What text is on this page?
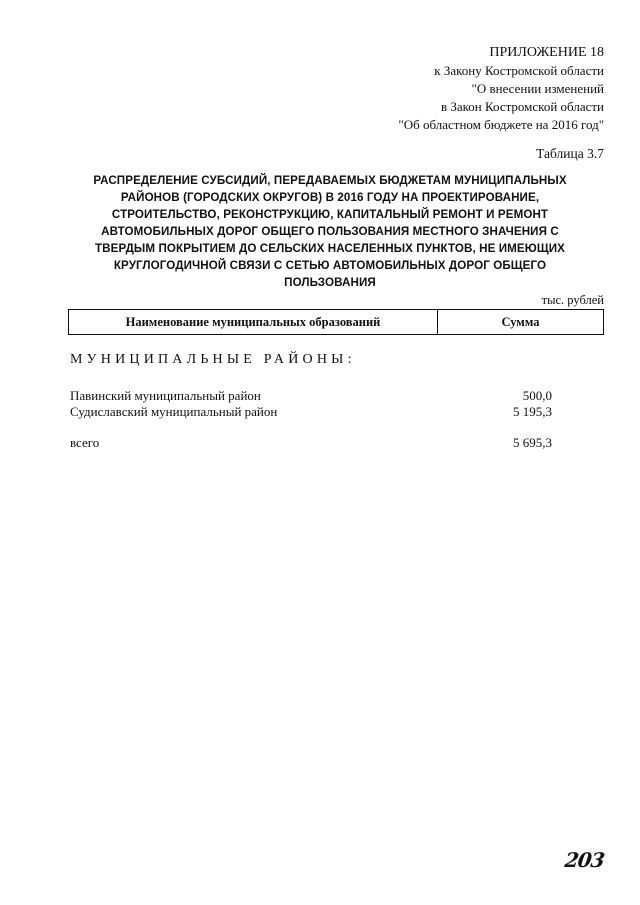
ПРИЛОЖЕНИЕ 18
к Закону Костромской области
"О внесении изменений
в Закон Костромской области
"Об областном бюджете на 2016 год"
Таблица 3.7
РАСПРЕДЕЛЕНИЕ СУБСИДИЙ, ПЕРЕДАВАЕМЫХ БЮДЖЕТАМ МУНИЦИПАЛЬНЫХ
РАЙОНОВ (ГОРОДСКИХ ОКРУГОВ) В 2016 ГОДУ НА ПРОЕКТИРОВАНИЕ,
СТРОИТЕЛЬСТВО, РЕКОНСТРУКЦИЮ, КАПИТАЛЬНЫЙ РЕМОНТ И РЕМОНТ
АВТОМОБИЛЬНЫХ ДОРОГ ОБЩЕГО ПОЛЬЗОВАНИЯ МЕСТНОГО ЗНАЧЕНИЯ С
ТВЕРДЫМ ПОКРЫТИЕМ ДО СЕЛЬСКИХ НАСЕЛЕННЫХ ПУНКТОВ, НЕ ИМЕЮЩИХ
КРУГЛОГОДИЧНОЙ СВЯЗИ С СЕТЬЮ АВТОМОБИЛЬНЫХ ДОРОГ ОБЩЕГО
ПОЛЬЗОВАНИЯ
тыс. рублей
Наименование муниципальных образований	Сумма
МУНИЦИПАЛЬНЫЕ РАЙОНЫ:
Павинский муниципальный район	500,0
Судиславский муниципальный район	5 195,3
всего	5 695,3
203
